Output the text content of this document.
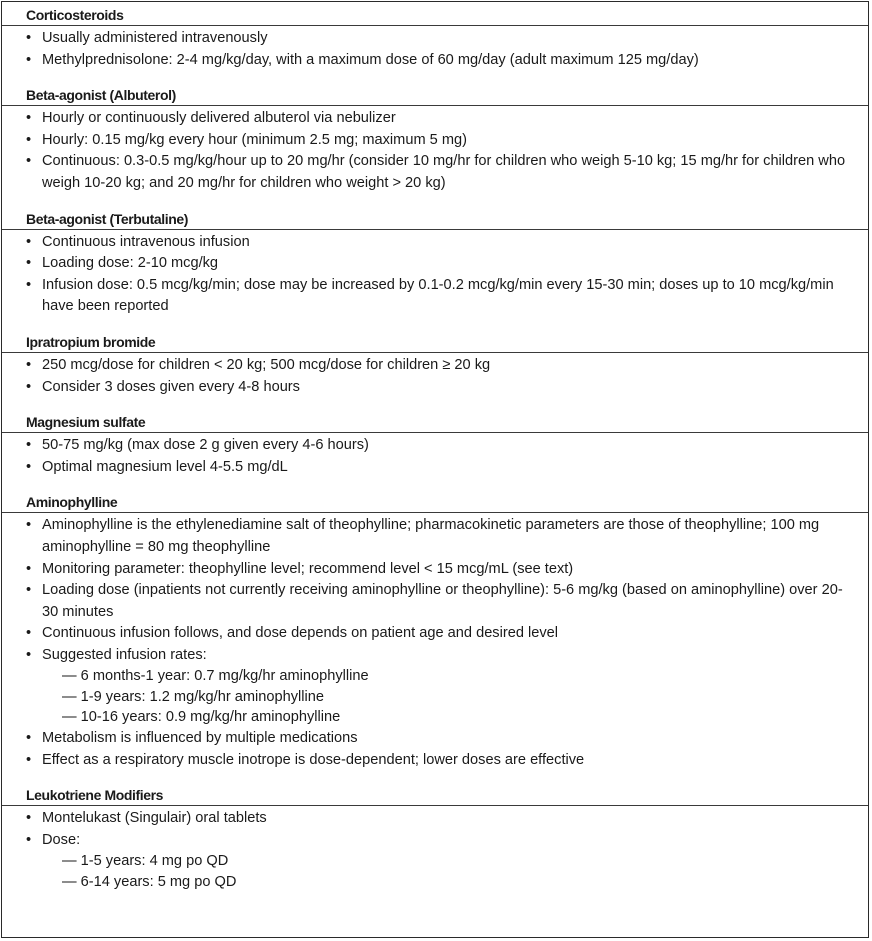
Corticosteroids
• Usually administered intravenously
• Methylprednisolone: 2-4 mg/kg/day, with a maximum dose of 60 mg/day (adult maximum 125 mg/day)
Beta-agonist (Albuterol)
• Hourly or continuously delivered albuterol via nebulizer
• Hourly: 0.15 mg/kg every hour (minimum 2.5 mg; maximum 5 mg)
• Continuous: 0.3-0.5 mg/kg/hour up to 20 mg/hr (consider 10 mg/hr for children who weigh 5-10 kg; 15 mg/hr for children who weigh 10-20 kg; and 20 mg/hr for children who weight > 20 kg)
Beta-agonist (Terbutaline)
• Continuous intravenous infusion
• Loading dose: 2-10 mcg/kg
• Infusion dose: 0.5 mcg/kg/min; dose may be increased by 0.1-0.2 mcg/kg/min every 15-30 min; doses up to 10 mcg/kg/min have been reported
Ipratropium bromide
• 250 mcg/dose for children < 20 kg; 500 mcg/dose for children ≥ 20 kg
• Consider 3 doses given every 4-8 hours
Magnesium sulfate
• 50-75 mg/kg (max dose 2 g given every 4-6 hours)
• Optimal magnesium level 4-5.5 mg/dL
Aminophylline
• Aminophylline is the ethylenediamine salt of theophylline; pharmacokinetic parameters are those of theophylline; 100 mg aminophylline = 80 mg theophylline
• Monitoring parameter: theophylline level; recommend level < 15 mcg/mL (see text)
• Loading dose (inpatients not currently receiving aminophylline or theophylline): 5-6 mg/kg (based on aminophylline) over 20-30 minutes
• Continuous infusion follows, and dose depends on patient age and desired level
• Suggested infusion rates:
— 6 months-1 year: 0.7 mg/kg/hr aminophylline
— 1-9 years: 1.2 mg/kg/hr aminophylline
— 10-16 years: 0.9 mg/kg/hr aminophylline
• Metabolism is influenced by multiple medications
• Effect as a respiratory muscle inotrope is dose-dependent; lower doses are effective
Leukotriene Modifiers
• Montelukast (Singulair) oral tablets
• Dose:
— 1-5 years: 4 mg po QD
— 6-14 years: 5 mg po QD
